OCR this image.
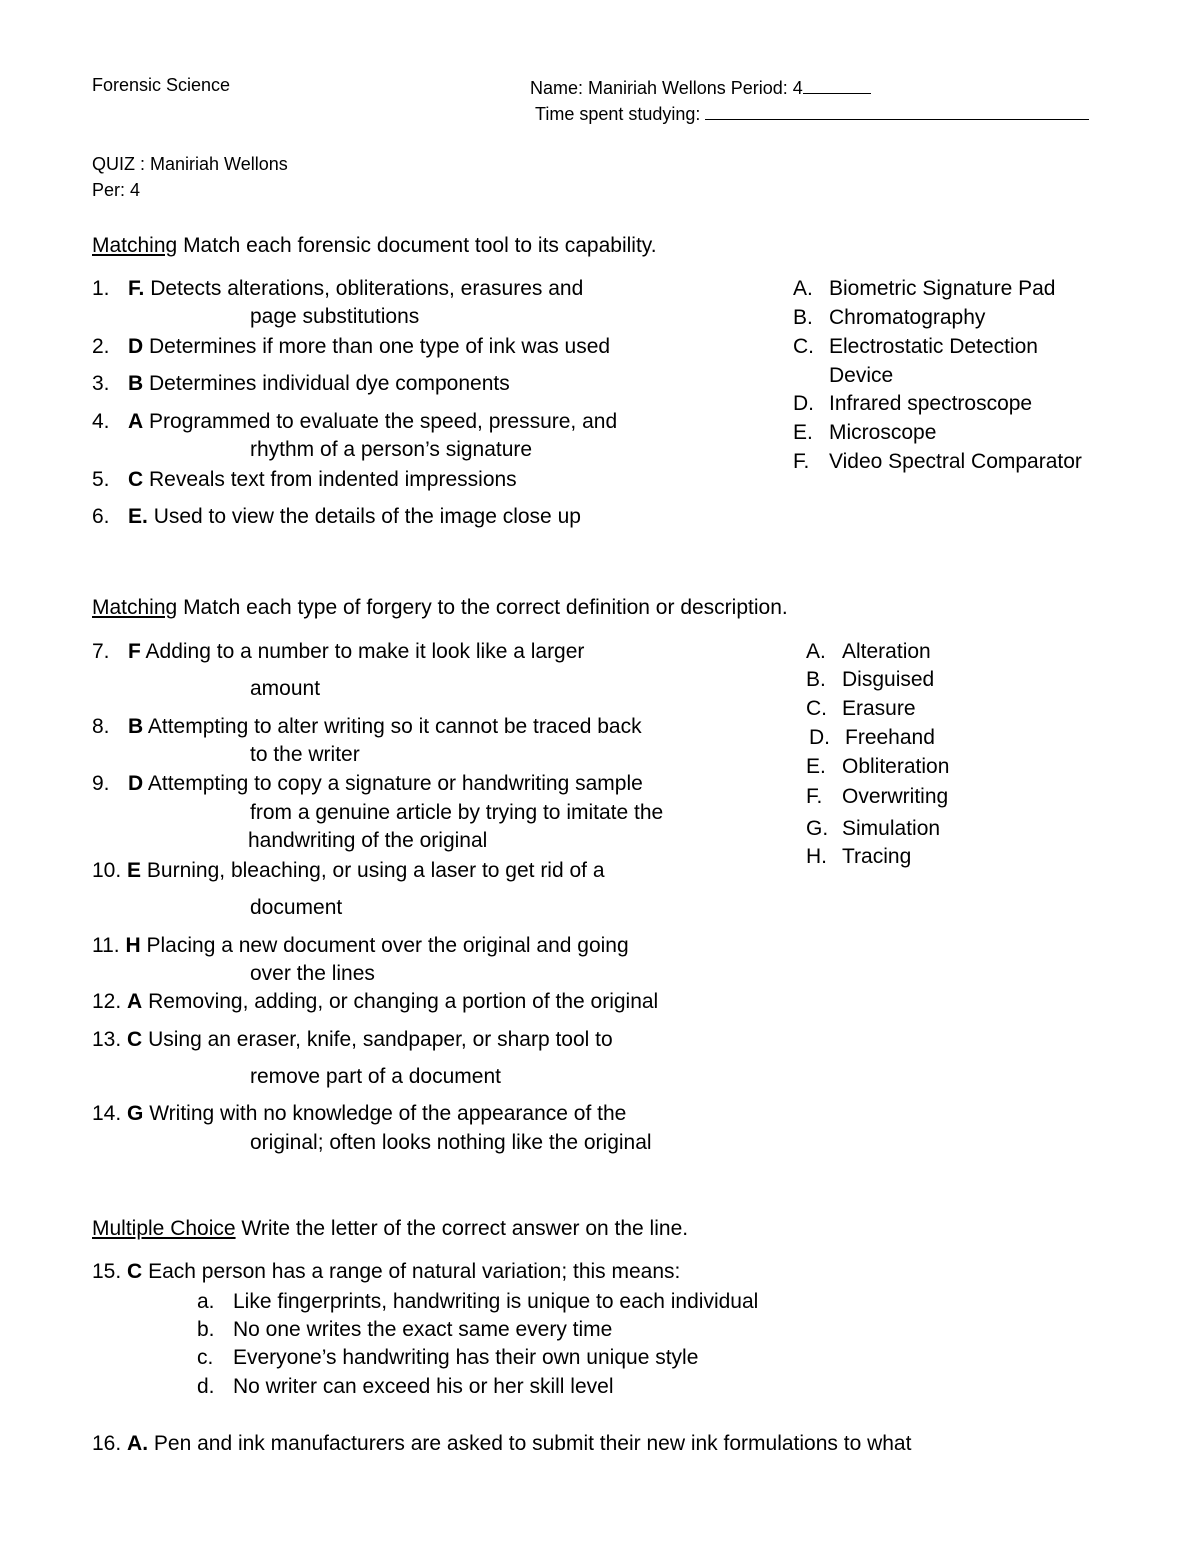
Forensic Science	Name: Maniriah Wellons Period: 4
Time spent studying:
QUIZ : Maniriah Wellons
Per: 4
Matching Match each forensic document tool to its capability.
1. F. Detects alterations, obliterations, erasures and
page substitutions
2. D Determines if more than one type of ink was used
3. B Determines individual dye components
4. A Programmed to evaluate the speed, pressure, and
rhythm of a person’s signature
5. C Reveals text from indented impressions
6. E. Used to view the details of the image close up
A. Biometric Signature Pad
B. Chromatography
C. Electrostatic Detection
Device
D. Infrared spectroscope
E. Microscope
F. Video Spectral Comparator
Matching Match each type of forgery to the correct definition or description.
7. F Adding to a number to make it look like a larger
amount
8. B Attempting to alter writing so it cannot be traced back
to the writer
9. D Attempting to copy a signature or handwriting sample
from a genuine article by trying to imitate the
handwriting of the original
10. E Burning, bleaching, or using a laser to get rid of a
document
11. H Placing a new document over the original and going
over the lines
12. A Removing, adding, or changing a portion of the original
13. C Using an eraser, knife, sandpaper, or sharp tool to
remove part of a document
14. G Writing with no knowledge of the appearance of the
original; often looks nothing like the original
A. Alteration
B. Disguised
C. Erasure
D. Freehand
E. Obliteration
F. Overwriting
G. Simulation
H. Tracing
Multiple Choice Write the letter of the correct answer on the line.
15. C Each person has a range of natural variation; this means:
a. Like fingerprints, handwriting is unique to each individual
b. No one writes the exact same every time
c. Everyone’s handwriting has their own unique style
d. No writer can exceed his or her skill level
16. A. Pen and ink manufacturers are asked to submit their new ink formulations to what
